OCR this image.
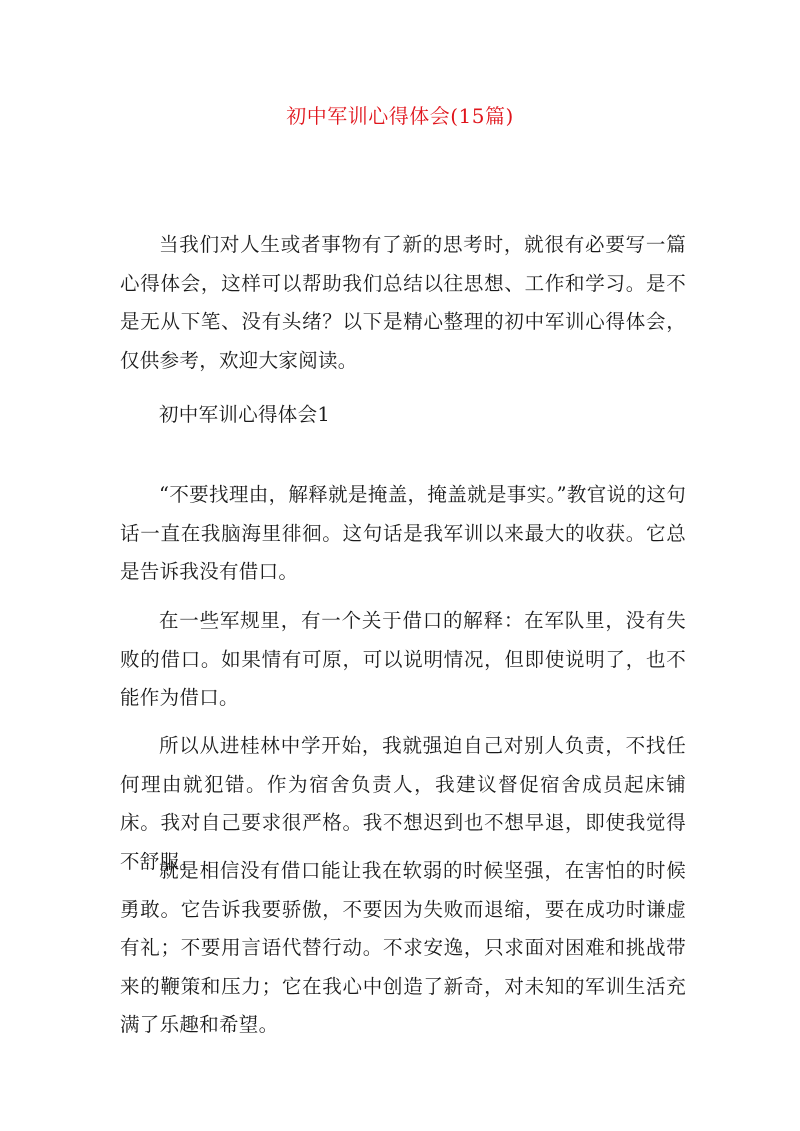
初中军训心得体会(15篇)

当我们对人生或者事物有了新的思考时，就很有必要写一篇心得体会，这样可以帮助我们总结以往思想、工作和学习。是不是无从下笔、没有头绪？以下是精心整理的初中军训心得体会，仅供参考，欢迎大家阅读。

初中军训心得体会1

“不要找理由，解释就是掩盖，掩盖就是事实。”教官说的这句话一直在我脑海里徘徊。这句话是我军训以来最大的收获。它总是告诉我没有借口。

在一些军规里，有一个关于借口的解释：在军队里，没有失败的借口。如果情有可原，可以说明情况，但即使说明了，也不能作为借口。

所以从进桂林中学开始，我就强迫自己对别人负责，不找任何理由就犯错。作为宿舍负责人，我建议督促宿舍成员起床铺床。我对自己要求很严格。我不想迟到也不想早退，即使我觉得不舒服。

就是相信没有借口能让我在软弱的时候坚强，在害怕的时候勇敢。它告诉我要骄傲，不要因为失败而退缩，要在成功时谦虚有礼；不要用言语代替行动。不求安逸，只求面对困难和挑战带来的鞭策和压力；它在我心中创造了新奇，对未知的军训生活充满了乐趣和希望。
